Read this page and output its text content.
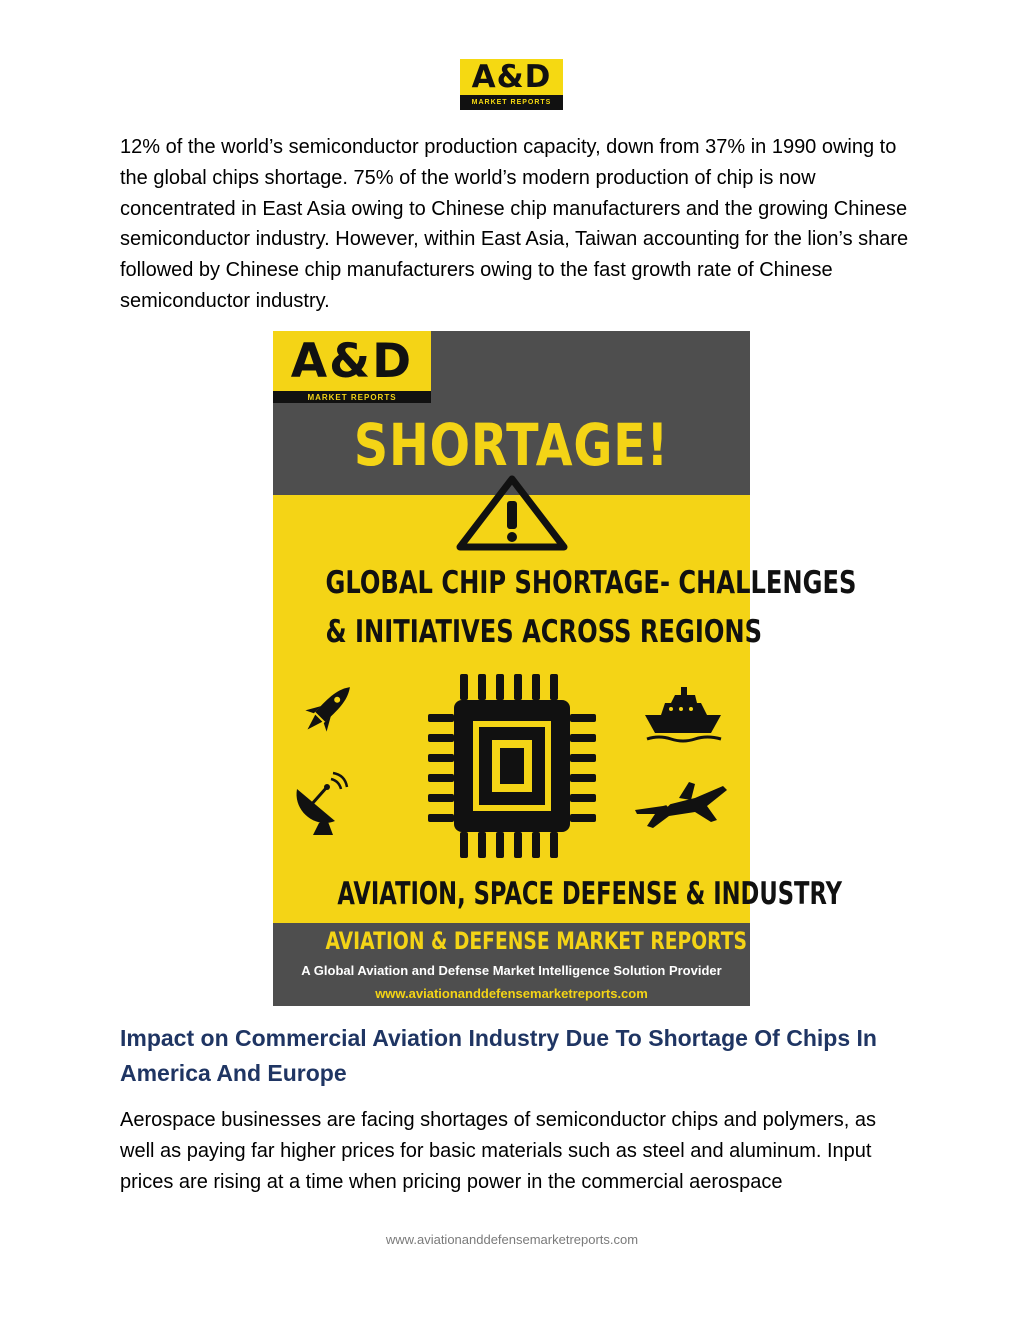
A&D
MARKET REPORTS

12% of the world’s semiconductor production capacity, down from 37% in 1990 owing to the global chips shortage. 75% of the world’s modern production of chip is now concentrated in East Asia owing to Chinese chip manufacturers and the growing Chinese semiconductor industry. However, within East Asia, Taiwan accounting for the lion’s share followed by Chinese chip manufacturers owing to the fast growth rate of Chinese semiconductor industry.

A&D
MARKET REPORTS
SHORTAGE!
GLOBAL CHIP SHORTAGE- CHALLENGES
& INITIATIVES ACROSS REGIONS
AVIATION, SPACE DEFENSE & INDUSTRY
AVIATION & DEFENSE MARKET REPORTS
A Global Aviation and Defense Market Intelligence Solution Provider
www.aviationanddefensemarketreports.com
Impact on Commercial Aviation Industry Due To Shortage Of Chips In America And Europe

Aerospace businesses are facing shortages of semiconductor chips and polymers, as well as paying far higher prices for basic materials such as steel and aluminum. Input prices are rising at a time when pricing power in the commercial aerospace

www.aviationanddefensemarketreports.com
